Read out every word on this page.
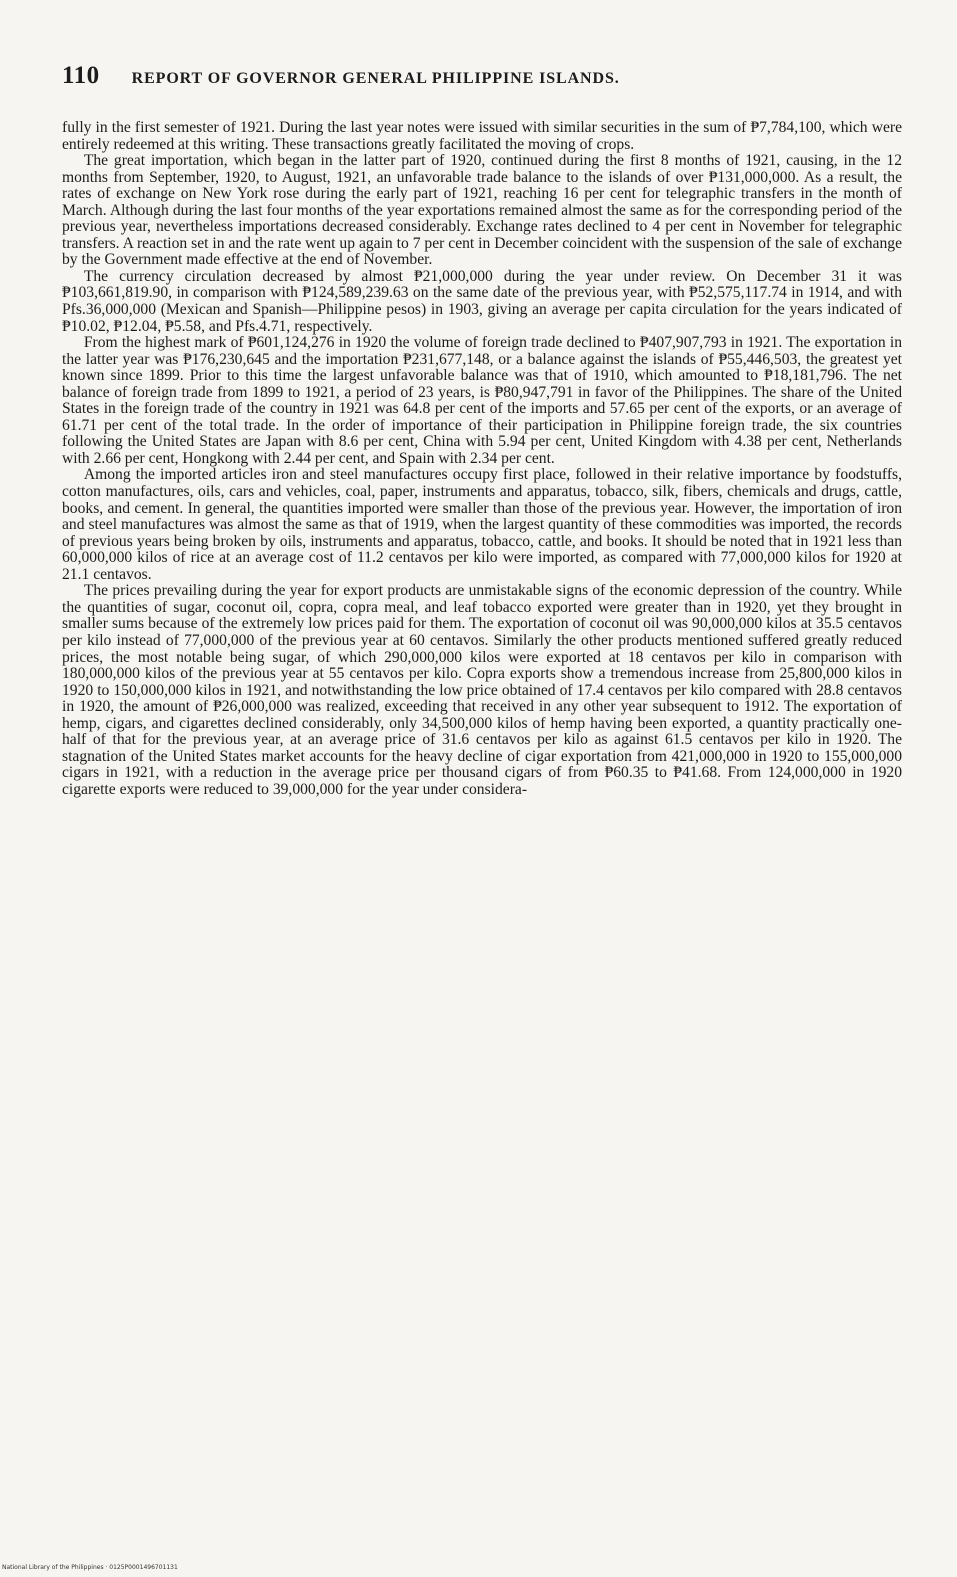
110 REPORT OF GOVERNOR GENERAL PHILIPPINE ISLANDS.

fully in the first semester of 1921. During the last year notes were issued with similar securities in the sum of ₱7,784,100, which were entirely redeemed at this writing. These transactions greatly facilitated the moving of crops.

The great importation, which began in the latter part of 1920, continued during the first 8 months of 1921, causing, in the 12 months from September, 1920, to August, 1921, an unfavorable trade balance to the islands of over ₱131,000,000. As a result, the rates of exchange on New York rose during the early part of 1921, reaching 16 per cent for telegraphic transfers in the month of March. Although during the last four months of the year exportations remained almost the same as for the corresponding period of the previous year, nevertheless importations decreased considerably. Exchange rates declined to 4 per cent in November for telegraphic transfers. A reaction set in and the rate went up again to 7 per cent in December coincident with the suspension of the sale of exchange by the Government made effective at the end of November.

The currency circulation decreased by almost ₱21,000,000 during the year under review. On December 31 it was ₱103,661,819.90, in comparison with ₱124,589,239.63 on the same date of the previous year, with ₱52,575,117.74 in 1914, and with Pfs.36,000,000 (Mexican and Spanish—Philippine pesos) in 1903, giving an average per capita circulation for the years indicated of ₱10.02, ₱12.04, ₱5.58, and Pfs.4.71, respectively.

From the highest mark of ₱601,124,276 in 1920 the volume of foreign trade declined to ₱407,907,793 in 1921. The exportation in the latter year was ₱176,230,645 and the importation ₱231,677,148, or a balance against the islands of ₱55,446,503, the greatest yet known since 1899. Prior to this time the largest unfavorable balance was that of 1910, which amounted to ₱18,181,796. The net balance of foreign trade from 1899 to 1921, a period of 23 years, is ₱80,947,791 in favor of the Philippines. The share of the United States in the foreign trade of the country in 1921 was 64.8 per cent of the imports and 57.65 per cent of the exports, or an average of 61.71 per cent of the total trade. In the order of importance of their participation in Philippine foreign trade, the six countries following the United States are Japan with 8.6 per cent, China with 5.94 per cent, United Kingdom with 4.38 per cent, Netherlands with 2.66 per cent, Hongkong with 2.44 per cent, and Spain with 2.34 per cent.

Among the imported articles iron and steel manufactures occupy first place, followed in their relative importance by foodstuffs, cotton manufactures, oils, cars and vehicles, coal, paper, instruments and apparatus, tobacco, silk, fibers, chemicals and drugs, cattle, books, and cement. In general, the quantities imported were smaller than those of the previous year. However, the importation of iron and steel manufactures was almost the same as that of 1919, when the largest quantity of these commodities was imported, the records of previous years being broken by oils, instruments and apparatus, tobacco, cattle, and books. It should be noted that in 1921 less than 60,000,000 kilos of rice at an average cost of 11.2 centavos per kilo were imported, as compared with 77,000,000 kilos for 1920 at 21.1 centavos.

The prices prevailing during the year for export products are unmistakable signs of the economic depression of the country. While the quantities of sugar, coconut oil, copra, copra meal, and leaf tobacco exported were greater than in 1920, yet they brought in smaller sums because of the extremely low prices paid for them. The exportation of coconut oil was 90,000,000 kilos at 35.5 centavos per kilo instead of 77,000,000 of the previous year at 60 centavos. Similarly the other products mentioned suffered greatly reduced prices, the most notable being sugar, of which 290,000,000 kilos were exported at 18 centavos per kilo in comparison with 180,000,000 kilos of the previous year at 55 centavos per kilo. Copra exports show a tremendous increase from 25,800,000 kilos in 1920 to 150,000,000 kilos in 1921, and notwithstanding the low price obtained of 17.4 centavos per kilo compared with 28.8 centavos in 1920, the amount of ₱26,000,000 was realized, exceeding that received in any other year subsequent to 1912. The exportation of hemp, cigars, and cigarettes declined considerably, only 34,500,000 kilos of hemp having been exported, a quantity practically one-half of that for the previous year, at an average price of 31.6 centavos per kilo as against 61.5 centavos per kilo in 1920. The stagnation of the United States market accounts for the heavy decline of cigar exportation from 421,000,000 in 1920 to 155,000,000 cigars in 1921, with a reduction in the average price per thousand cigars of from ₱60.35 to ₱41.68. From 124,000,000 in 1920 cigarette exports were reduced to 39,000,000 for the year under considera-

National Library of the Philippines · 0125P0001496701131
